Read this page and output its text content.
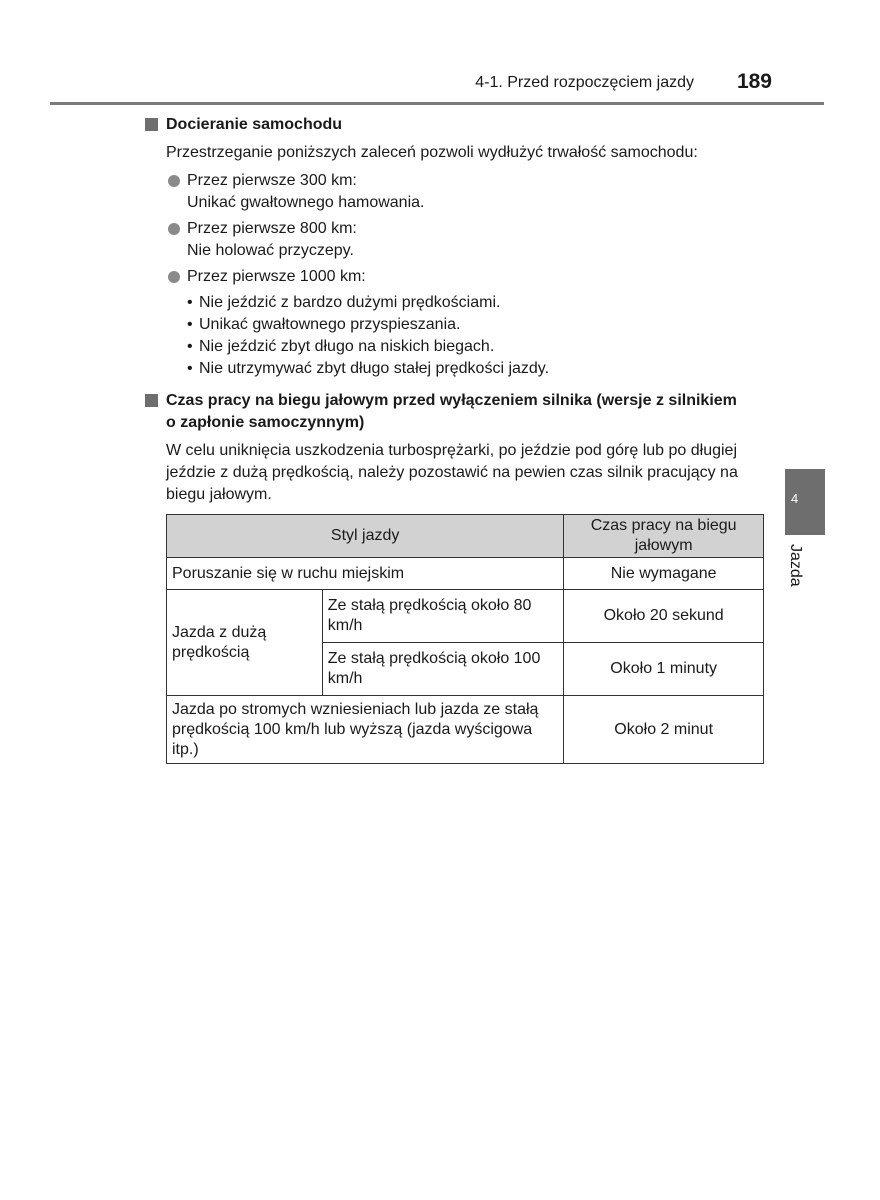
4-1. Przed rozpoczęciem jazdy 189
4
Jazda
Docieranie samochodu
Przestrzeganie poniższych zaleceń pozwoli wydłużyć trwałość samochodu:
Przez pierwsze 300 km:
Unikać gwałtownego hamowania.
Przez pierwsze 800 km:
Nie holować przyczepy.
Przez pierwsze 1000 km:
• Nie jeździć z bardzo dużymi prędkościami.
• Unikać gwałtownego przyspieszania.
• Nie jeździć zbyt długo na niskich biegach.
• Nie utrzymywać zbyt długo stałej prędkości jazdy.
Czas pracy na biegu jałowym przed wyłączeniem silnika (wersje z silnikiem
o zapłonie samoczynnym)
W celu uniknięcia uszkodzenia turbosprężarki, po jeździe pod górę lub po długiej jeździe z dużą prędkością, należy pozostawić na pewien czas silnik pracujący na biegu jałowym.
Styl jazdy		Czas pracy na biegu jałowym
Poruszanie się w ruchu miejskim		Nie wymagane
Jazda z dużą prędkością	Ze stałą prędkością około 80 km/h	Około 20 sekund
	Ze stałą prędkością około 100 km/h	Około 1 minuty
Jazda po stromych wzniesieniach lub jazda ze stałą prędkością 100 km/h lub wyższą (jazda wyścigowa itp.)		Około 2 minut
